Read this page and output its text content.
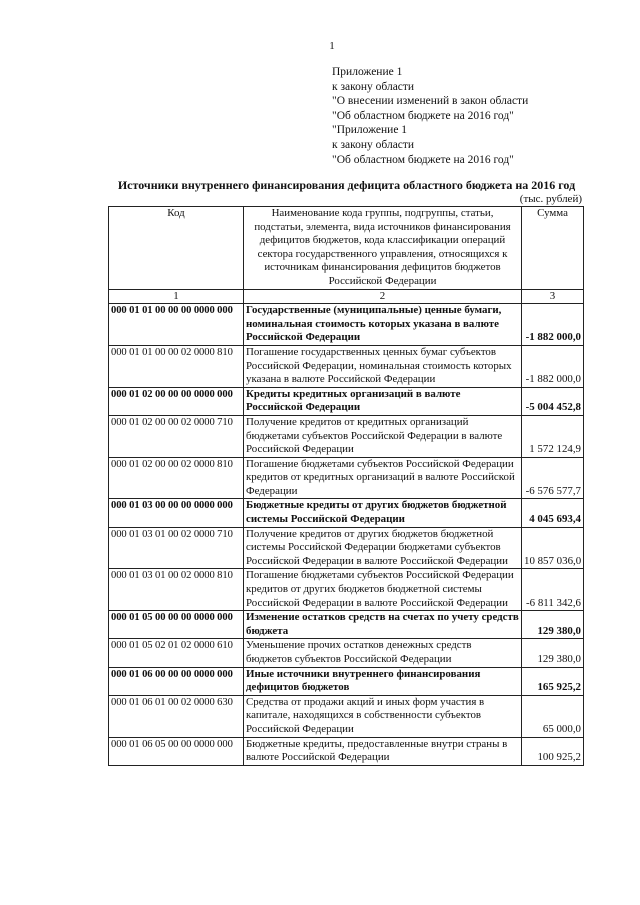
1
Приложение 1
к закону области
"О внесении изменений в закон области
"Об областном бюджете на 2016 год"
"Приложение 1
к закону области
"Об областном бюджете на 2016 год"
Источники внутреннего финансирования дефицита областного бюджета на 2016 год
(тыс. рублей)
Код	Наименование кода группы, подгруппы, статьи, подстатьи, элемента, вида источников финансирования дефицитов бюджетов, кода классификации операций сектора государственного управления, относящихся к источникам финансирования дефицитов бюджетов Российской Федерации	Сумма
1	2	3
000 01 01 00 00 00 0000 000	Государственные (муниципальные) ценные бумаги, номинальная стоимость которых указана в валюте Российской Федерации	-1 882 000,0
000 01 01 00 00 02 0000 810	Погашение государственных ценных бумаг субъектов Российской Федерации, номинальная стоимость которых указана в валюте Российской Федерации	-1 882 000,0
000 01 02 00 00 00 0000 000	Кредиты кредитных организаций в валюте Российской Федерации	-5 004 452,8
000 01 02 00 00 02 0000 710	Получение кредитов от кредитных организаций бюджетами субъектов Российской Федерации в валюте Российской Федерации	1 572 124,9
000 01 02 00 00 02 0000 810	Погашение бюджетами субъектов Российской Федерации кредитов от кредитных организаций в валюте Российской Федерации	-6 576 577,7
000 01 03 00 00 00 0000 000	Бюджетные кредиты от других бюджетов бюджетной системы Российской Федерации	4 045 693,4
000 01 03 01 00 02 0000 710	Получение кредитов от других бюджетов бюджетной системы Российской Федерации бюджетами субъектов Российской Федерации в валюте Российской Федерации	10 857 036,0
000 01 03 01 00 02 0000 810	Погашение бюджетами субъектов Российской Федерации кредитов от других бюджетов бюджетной системы Российской Федерации в валюте Российской Федерации	-6 811 342,6
000 01 05 00 00 00 0000 000	Изменение остатков средств на счетах по учету средств бюджета	129 380,0
000 01 05 02 01 02 0000 610	Уменьшение прочих остатков денежных средств бюджетов субъектов Российской Федерации	129 380,0
000 01 06 00 00 00 0000 000	Иные источники внутреннего финансирования дефицитов бюджетов	165 925,2
000 01 06 01 00 02 0000 630	Средства от продажи акций и иных форм участия в капитале, находящихся в собственности субъектов Российской Федерации	65 000,0
000 01 06 05 00 00 0000 000	Бюджетные кредиты, предоставленные внутри страны в валюте Российской Федерации	100 925,2
